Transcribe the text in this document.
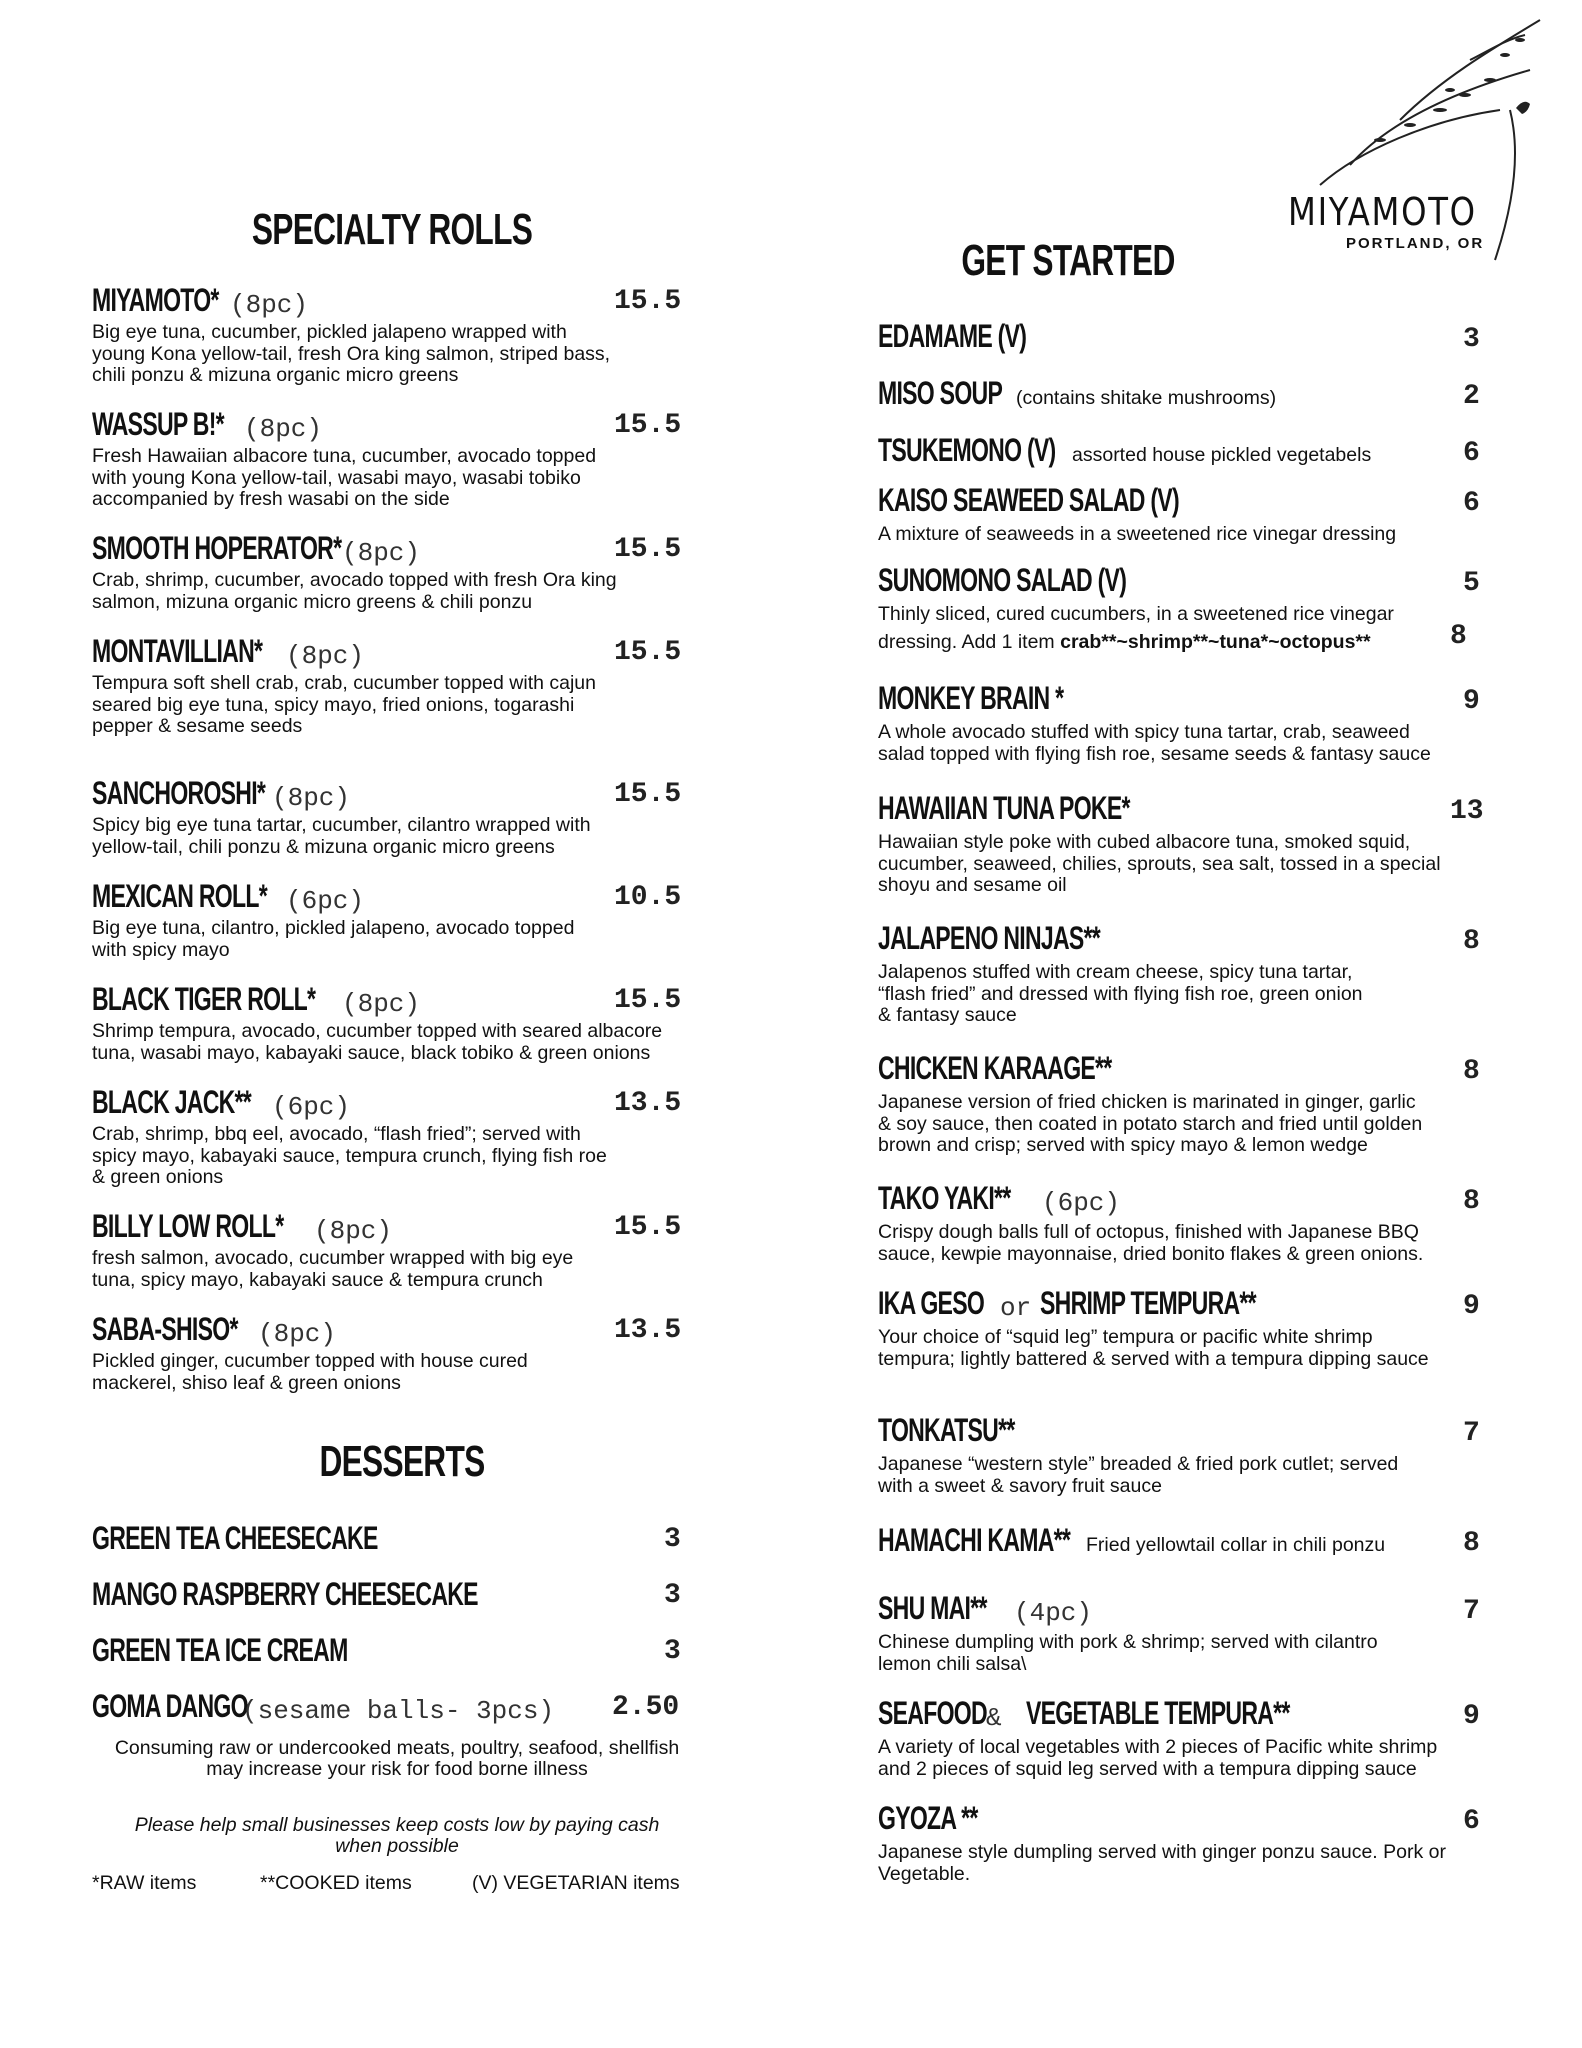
MIYAMOTO
PORTLAND, OR
SPECIALTY ROLLS
MIYAMOTO* (8pc)	15.5
Big eye tuna, cucumber, pickled jalapeno wrapped with
young Kona yellow-tail, fresh Ora king salmon, striped bass,
chili ponzu & mizuna organic micro greens
WASSUP B!* (8pc)	15.5
Fresh Hawaiian albacore tuna, cucumber, avocado topped
with young Kona yellow-tail, wasabi mayo, wasabi tobiko
accompanied by fresh wasabi on the side
SMOOTH HOPERATOR* (8pc)	15.5
Crab, shrimp, cucumber, avocado topped with fresh Ora king
salmon, mizuna organic micro greens & chili ponzu
MONTAVILLIAN* (8pc)	15.5
Tempura soft shell crab, crab, cucumber topped with cajun
seared big eye tuna, spicy mayo, fried onions, togarashi
pepper & sesame seeds
SANCHOROSHI* (8pc)	15.5
Spicy big eye tuna tartar, cucumber, cilantro wrapped with
yellow-tail, chili ponzu & mizuna organic micro greens
MEXICAN ROLL* (6pc)	10.5
Big eye tuna, cilantro, pickled jalapeno, avocado topped
with spicy mayo
BLACK TIGER ROLL* (8pc)	15.5
Shrimp tempura, avocado, cucumber topped with seared albacore
tuna, wasabi mayo, kabayaki sauce, black tobiko & green onions
BLACK JACK** (6pc)	13.5
Crab, shrimp, bbq eel, avocado, “flash fried”; served with
spicy mayo, kabayaki sauce, tempura crunch, flying fish roe
& green onions
BILLY LOW ROLL* (8pc)	15.5
fresh salmon, avocado, cucumber wrapped with big eye
tuna, spicy mayo, kabayaki sauce & tempura crunch
SABA-SHISO* (8pc)	13.5
Pickled ginger, cucumber topped with house cured
mackerel, shiso leaf & green onions
DESSERTS
GREEN TEA CHEESECAKE	3
MANGO RASPBERRY CHEESECAKE	3
GREEN TEA ICE CREAM	3
GOMA DANGO
(sesame balls- 3pcs) 2.50
Consuming raw or undercooked meats, poultry, seafood, shellfish
may increase your risk for food borne illness
Please help small businesses keep costs low by paying cash
when possible
*RAW items	**COOKED items	(V) VEGETARIAN items
GET STARTED
EDAMAME (V)	3
MISO SOUP (contains shitake mushrooms)	2
TSUKEMONO (V) assorted house pickled vegetabels	6
KAISO SEAWEED SALAD (V)	6
A mixture of seaweeds in a sweetened rice vinegar dressing
SUNOMONO SALAD (V)	5
Thinly sliced, cured cucumbers, in a sweetened rice vinegar
dressing. Add 1 item crab**~shrimp**~tuna*~octopus**	8
MONKEY BRAIN *	9
A whole avocado stuffed with spicy tuna tartar, crab, seaweed
salad topped with flying fish roe, sesame seeds & fantasy sauce
HAWAIIAN TUNA POKE*	13
Hawaiian style poke with cubed albacore tuna, smoked squid,
cucumber, seaweed, chilies, sprouts, sea salt, tossed in a special
shoyu and sesame oil
JALAPENO NINJAS**	8
Jalapenos stuffed with cream cheese, spicy tuna tartar,
“flash fried” and dressed with flying fish roe, green onion
& fantasy sauce
CHICKEN KARAAGE**	8
Japanese version of fried chicken is marinated in ginger, garlic
& soy sauce, then coated in potato starch and fried until golden
brown and crisp; served with spicy mayo & lemon wedge
TAKO YAKI** (6pc)	8
Crispy dough balls full of octopus, finished with Japanese BBQ
sauce, kewpie mayonnaise, dried bonito flakes & green onions.
IKA GESO or SHRIMP TEMPURA**	9
Your choice of “squid leg” tempura or pacific white shrimp
tempura; lightly battered & served with a tempura dipping sauce
TONKATSU**	7
Japanese “western style” breaded & fried pork cutlet; served
with a sweet & savory fruit sauce
HAMACHI KAMA** Fried yellowtail collar in chili ponzu	8
SHU MAI** (4pc)	7
Chinese dumpling with pork & shrimp; served with cilantro
lemon chili salsa\
SEAFOOD & VEGETABLE TEMPURA**	9
A variety of local vegetables with 2 pieces of Pacific white shrimp
and 2 pieces of squid leg served with a tempura dipping sauce
GYOZA **	6
Japanese style dumpling served with ginger ponzu sauce. Pork or
Vegetable.
